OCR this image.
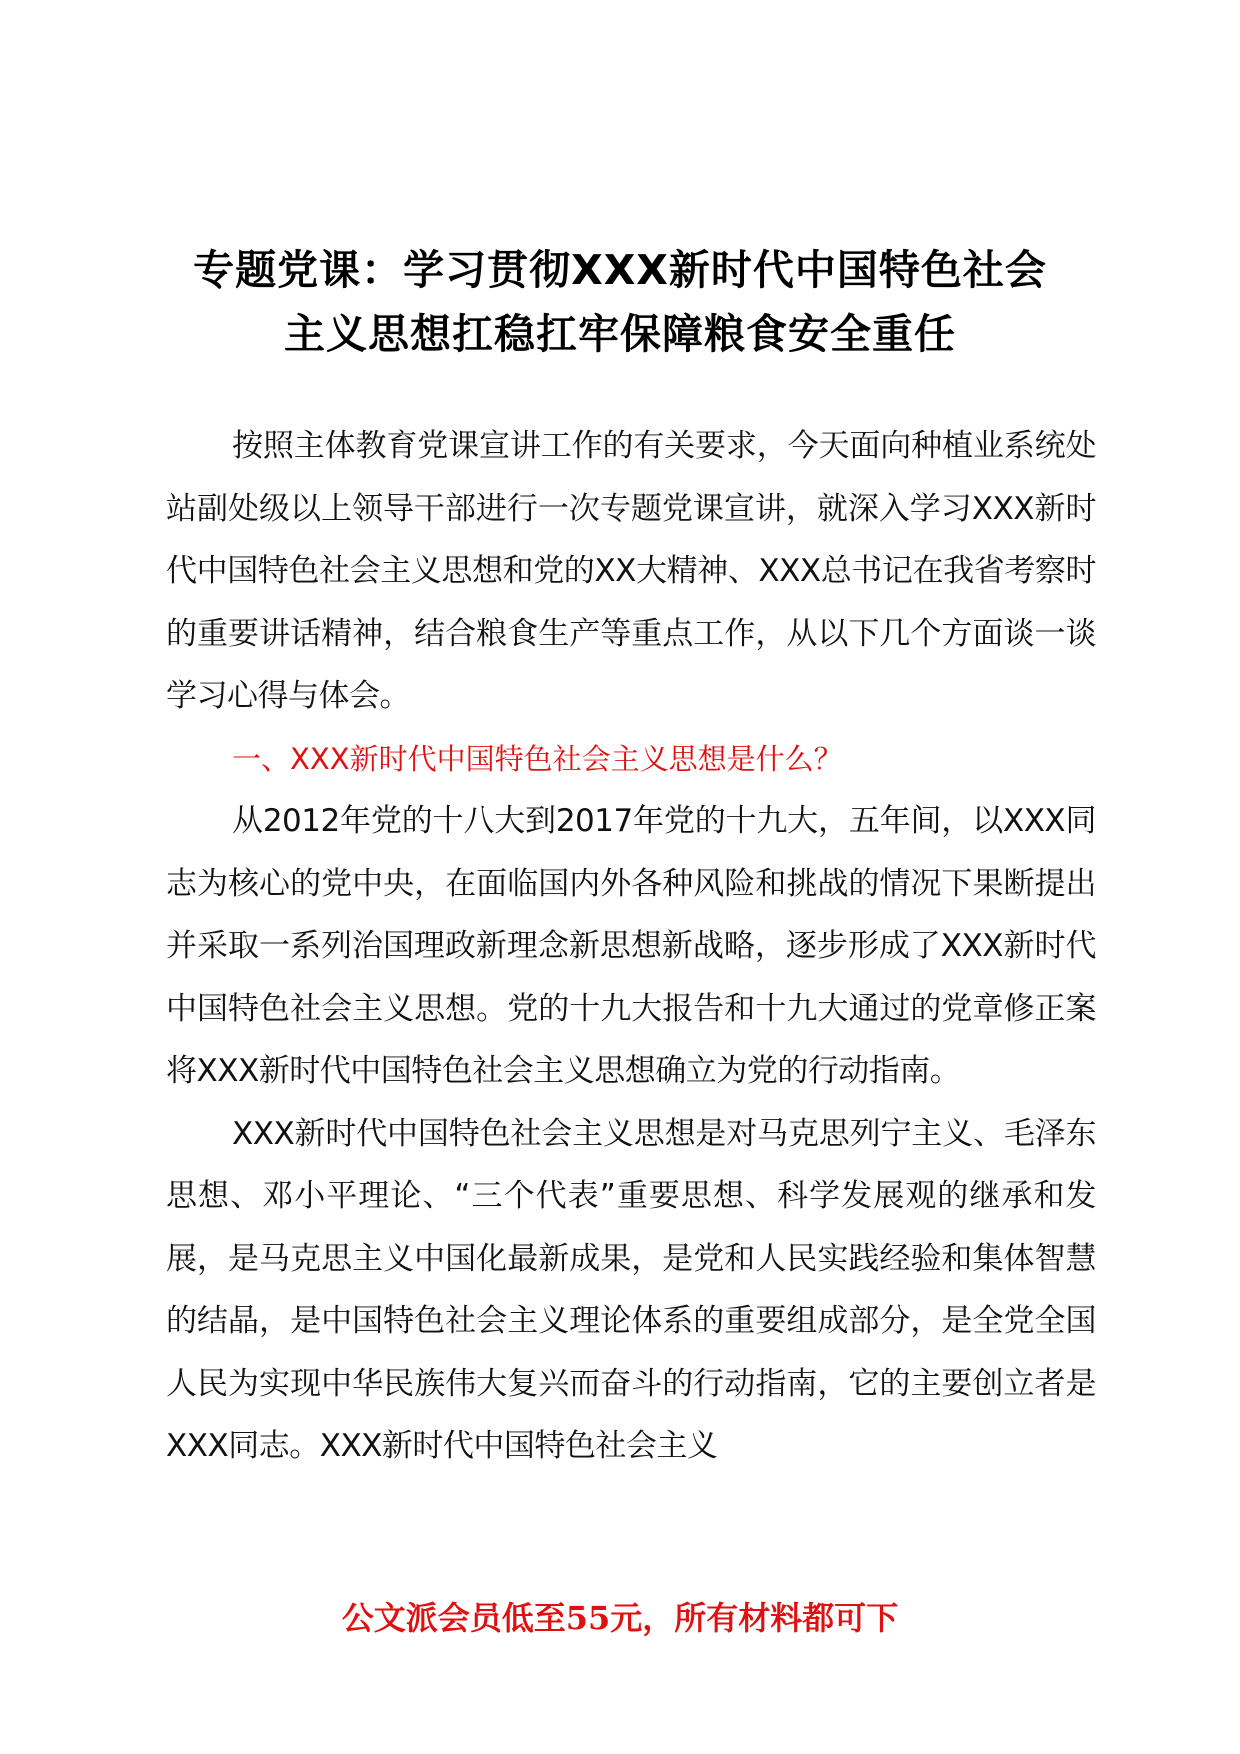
专题党课：学习贯彻XXX新时代中国特色社会
主义思想扛稳扛牢保障粮食安全重任

按照主体教育党课宣讲工作的有关要求，今天面向种植业系统处站副处级以上领导干部进行一次专题党课宣讲，就深入学习XXX新时代中国特色社会主义思想和党的XX大精神、XXX总书记在我省考察时的重要讲话精神，结合粮食生产等重点工作，从以下几个方面谈一谈学习心得与体会。

一、XXX新时代中国特色社会主义思想是什么？

从2012年党的十八大到2017年党的十九大，五年间，以XXX同志为核心的党中央，在面临国内外各种风险和挑战的情况下果断提出并采取一系列治国理政新理念新思想新战略，逐步形成了XXX新时代中国特色社会主义思想。党的十九大报告和十九大通过的党章修正案将XXX新时代中国特色社会主义思想确立为党的行动指南。

XXX新时代中国特色社会主义思想是对马克思列宁主义、毛泽东思想、邓小平理论、“三个代表”重要思想、科学发展观的继承和发展，是马克思主义中国化最新成果，是党和人民实践经验和集体智慧的结晶，是中国特色社会主义理论体系的重要组成部分，是全党全国人民为实现中华民族伟大复兴而奋斗的行动指南，它的主要创立者是XXX同志。XXX新时代中国特色社会主义

公文派会员低至55元，所有材料都可下
